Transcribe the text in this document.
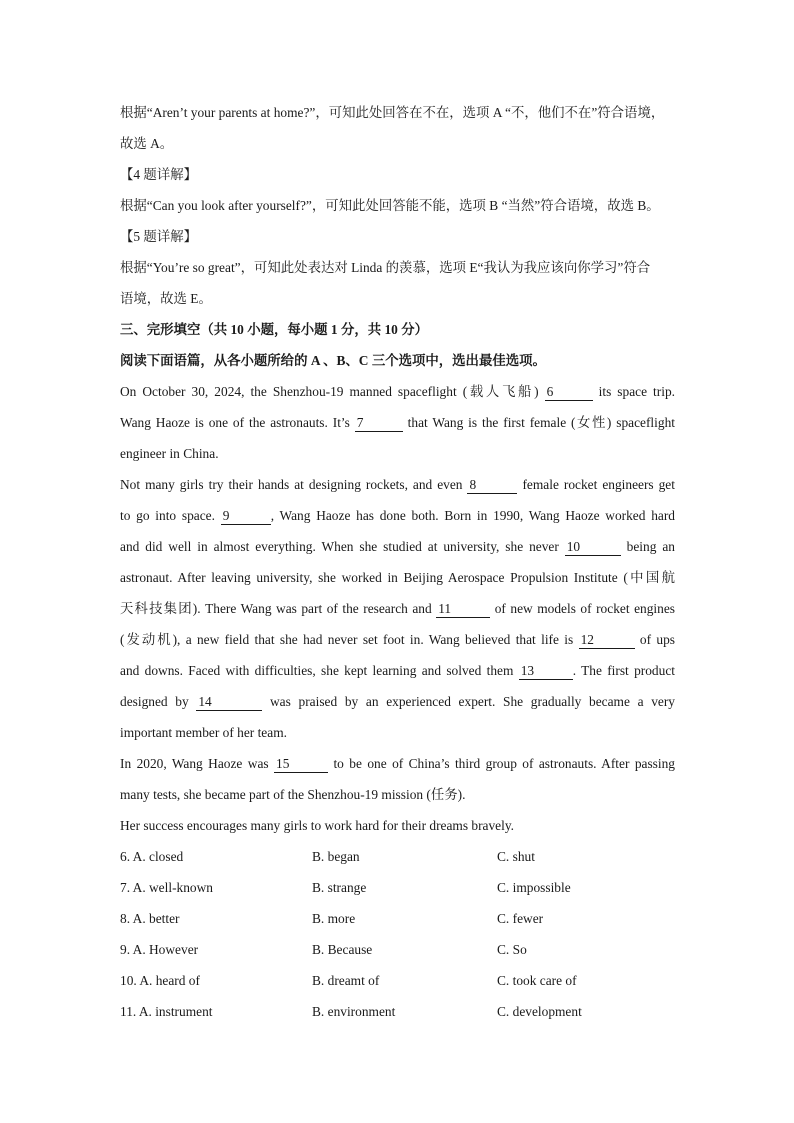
根据“Aren’t your parents at home?”，可知此处回答在不在，选项 A “不，他们不在”符合语境，

故选 A。

【4 题详解】

根据“Can you look after yourself?”，可知此处回答能不能，选项 B “当然”符合语境，故选 B。

【5 题详解】

根据“You’re so great”，可知此处表达对 Linda 的羡慕，选项 E“我认为我应该向你学习”符合

语境，故选 E。

三、完形填空（共 10 小题，每小题 1 分，共 10 分）

阅读下面语篇，从各小题所给的 A 、B、C 三个选项中，选出最佳选项。

On October 30, 2024, the Shenzhou-19 manned spaceflight (载人飞船) 6	its space trip.

Wang Haoze is one of the astronauts. It’s 7	that Wang is the first female (女性) spaceflight

engineer in China.

Not many girls try their hands at designing rockets, and even 8	female rocket engineers get

to go into space. 9	, Wang Haoze has done both. Born in 1990, Wang Haoze worked hard

and did well in almost everything. When she studied at university, she never 10	being an

astronaut. After leaving university, she worked in Beijing Aerospace Propulsion Institute (中国航

天科技集团). There Wang was part of the research and 11	of new models of rocket engines

(发动机), a new field that she had never set foot in. Wang believed that life is 12	of ups

and downs. Faced with difficulties, she kept learning and solved them 13	. The first product

designed by 14	was praised by an experienced expert. She gradually became a very

important member of her team.

In 2020, Wang Haoze was 15	to be one of China’s third group of astronauts. After passing

many tests, she became part of the Shenzhou-19 mission (任务).

Her success encourages many girls to work hard for their dreams bravely.

6. A. closed	B. began	C. shut
7. A. well-known	B. strange	C. impossible
8. A. better	B. more	C. fewer
9. A. However	B. Because	C. So
10. A. heard of	B. dreamt of	C. took care of
11. A. instrument	B. environment	C. development
